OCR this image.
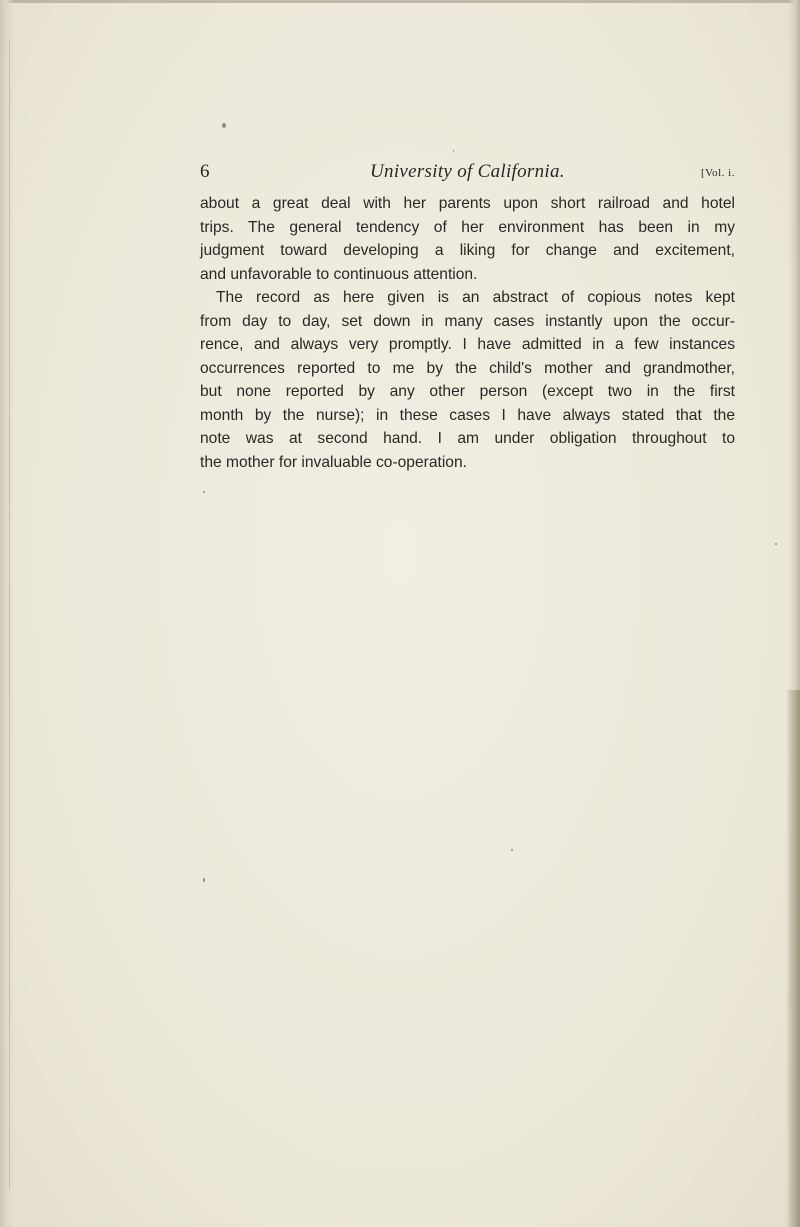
6	University of California.	[Vol. i.
about a great deal with her parents upon short railroad and hotel
trips. The general tendency of her environment has been in my
judgment toward developing a liking for change and excitement,
and unfavorable to continuous attention.
The record as here given is an abstract of copious notes kept
from day to day, set down in many cases instantly upon the occur-
rence, and always very promptly. I have admitted in a few instances
occurrences reported to me by the child's mother and grandmother,
but none reported by any other person (except two in the first
month by the nurse); in these cases I have always stated that the
note was at second hand. I am under obligation throughout to
the mother for invaluable co-operation.
